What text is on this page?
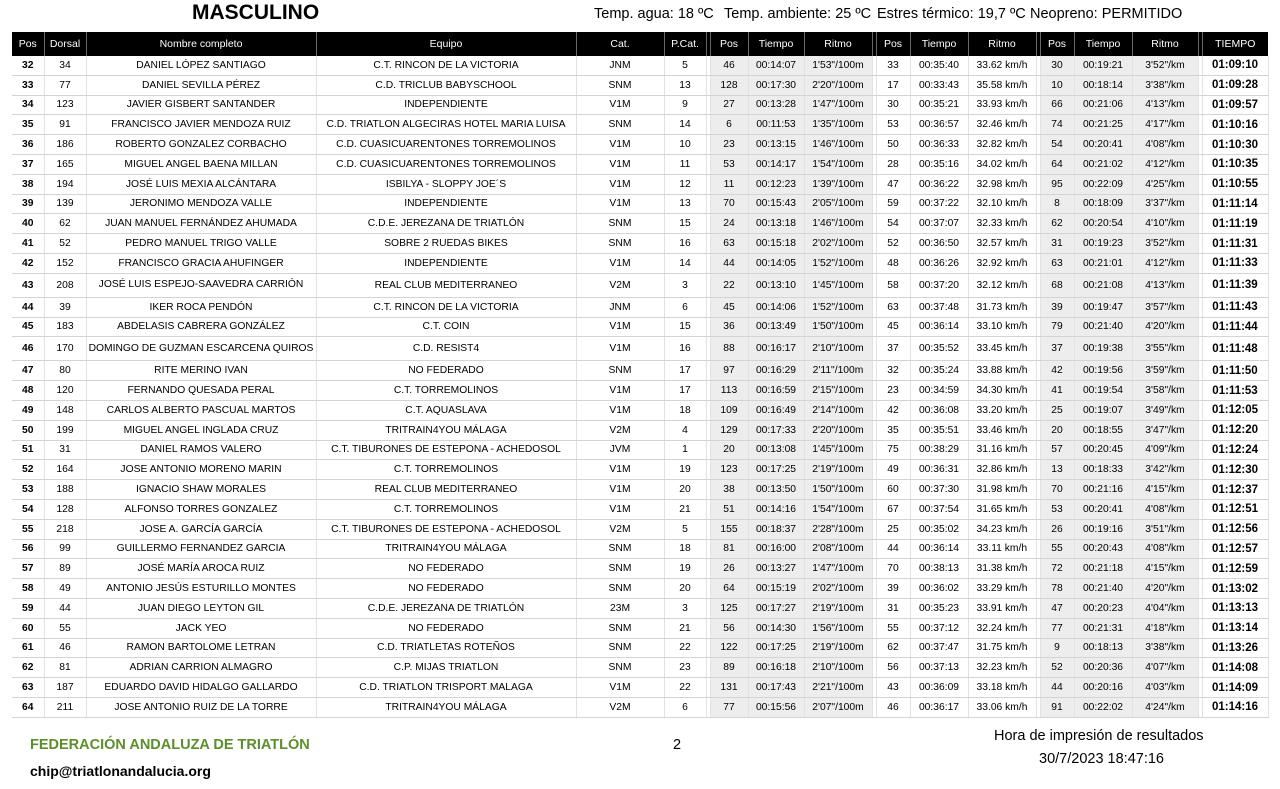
MASCULINO	Temp. agua: 18 ºC Temp. ambiente: 25 ºC Estres térmico: 19,7 ºC Neopreno: PERMITIDO
Pos	Dorsal	Nombre completo	Equipo	Cat.	P.Cat.		Pos	Tiempo	Ritmo		Pos	Tiempo	Ritmo		Pos	Tiempo	Ritmo		TIEMPO
32	34	DANIEL LÓPEZ SANTIAGO	C.T. RINCON DE LA VICTORIA	JNM	5		46	00:14:07	1'53"/100m		33	00:35:40	33.62 km/h		30	00:19:21	3'52"/km		01:09:10
33	77	DANIEL SEVILLA PÉREZ	C.D. TRICLUB BABYSCHOOL	SNM	13		128	00:17:30	2'20"/100m		17	00:33:43	35.58 km/h		10	00:18:14	3'38"/km		01:09:28
34	123	JAVIER GISBERT SANTANDER	INDEPENDIENTE	V1M	9		27	00:13:28	1'47"/100m		30	00:35:21	33.93 km/h		66	00:21:06	4'13"/km		01:09:57
35	91	FRANCISCO JAVIER MENDOZA RUIZ	C.D. TRIATLON ALGECIRAS HOTEL MARIA LUISA	SNM	14		6	00:11:53	1'35"/100m		53	00:36:57	32.46 km/h		74	00:21:25	4'17"/km		01:10:16
36	186	ROBERTO GONZALEZ CORBACHO	C.D. CUASICUARENTONES TORREMOLINOS	V1M	10		23	00:13:15	1'46"/100m		50	00:36:33	32.82 km/h		54	00:20:41	4'08"/km		01:10:30
37	165	MIGUEL ANGEL BAENA MILLAN	C.D. CUASICUARENTONES TORREMOLINOS	V1M	11		53	00:14:17	1'54"/100m		28	00:35:16	34.02 km/h		64	00:21:02	4'12"/km		01:10:35
38	194	JOSÉ LUIS MEXIA ALCÁNTARA	ISBILYA - SLOPPY JOE´S	V1M	12		11	00:12:23	1'39"/100m		47	00:36:22	32.98 km/h		95	00:22:09	4'25"/km		01:10:55
39	139	JERONIMO MENDOZA VALLE	INDEPENDIENTE	V1M	13		70	00:15:43	2'05"/100m		59	00:37:22	32.10 km/h		8	00:18:09	3'37"/km		01:11:14
40	62	JUAN MANUEL FERNÁNDEZ AHUMADA	C.D.E. JEREZANA DE TRIATLÓN	SNM	15		24	00:13:18	1'46"/100m		54	00:37:07	32.33 km/h		62	00:20:54	4'10"/km		01:11:19
41	52	PEDRO MANUEL TRIGO VALLE	SOBRE 2 RUEDAS BIKES	SNM	16		63	00:15:18	2'02"/100m		52	00:36:50	32.57 km/h		31	00:19:23	3'52"/km		01:11:31
42	152	FRANCISCO GRACIA AHUFINGER	INDEPENDIENTE	V1M	14		44	00:14:05	1'52"/100m		48	00:36:26	32.92 km/h		63	00:21:01	4'12"/km		01:11:33
43	208	JOSÉ LUIS ESPEJO-SAAVEDRA CARRIÓN	REAL CLUB MEDITERRANEO	V2M	3		22	00:13:10	1'45"/100m		58	00:37:20	32.12 km/h		68	00:21:08	4'13"/km		01:11:39
44	39	IKER ROCA PENDÓN	C.T. RINCON DE LA VICTORIA	JNM	6		45	00:14:06	1'52"/100m		63	00:37:48	31.73 km/h		39	00:19:47	3'57"/km		01:11:43
45	183	ABDELASIS CABRERA GONZÁLEZ	C.T. COIN	V1M	15		36	00:13:49	1'50"/100m		45	00:36:14	33.10 km/h		79	00:21:40	4'20"/km		01:11:44
46	170	DOMINGO DE GUZMAN ESCARCENA QUIROS	C.D. RESIST4	V1M	16		88	00:16:17	2'10"/100m		37	00:35:52	33.45 km/h		37	00:19:38	3'55"/km		01:11:48
47	80	RITE MERINO IVAN	NO FEDERADO	SNM	17		97	00:16:29	2'11"/100m		32	00:35:24	33.88 km/h		42	00:19:56	3'59"/km		01:11:50
48	120	FERNANDO QUESADA PERAL	C.T. TORREMOLINOS	V1M	17		113	00:16:59	2'15"/100m		23	00:34:59	34.30 km/h		41	00:19:54	3'58"/km		01:11:53
49	148	CARLOS ALBERTO PASCUAL MARTOS	C.T. AQUASLAVA	V1M	18		109	00:16:49	2'14"/100m		42	00:36:08	33.20 km/h		25	00:19:07	3'49"/km		01:12:05
50	199	MIGUEL ANGEL INGLADA CRUZ	TRITRAIN4YOU MÁLAGA	V2M	4		129	00:17:33	2'20"/100m		35	00:35:51	33.46 km/h		20	00:18:55	3'47"/km		01:12:20
51	31	DANIEL RAMOS VALERO	C.T. TIBURONES DE ESTEPONA - ACHEDOSOL	JVM	1		20	00:13:08	1'45"/100m		75	00:38:29	31.16 km/h		57	00:20:45	4'09"/km		01:12:24
52	164	JOSE ANTONIO MORENO MARIN	C.T. TORREMOLINOS	V1M	19		123	00:17:25	2'19"/100m		49	00:36:31	32.86 km/h		13	00:18:33	3'42"/km		01:12:30
53	188	IGNACIO SHAW MORALES	REAL CLUB MEDITERRANEO	V1M	20		38	00:13:50	1'50"/100m		60	00:37:30	31.98 km/h		70	00:21:16	4'15"/km		01:12:37
54	128	ALFONSO TORRES GONZALEZ	C.T. TORREMOLINOS	V1M	21		51	00:14:16	1'54"/100m		67	00:37:54	31.65 km/h		53	00:20:41	4'08"/km		01:12:51
55	218	JOSE A. GARCÍA GARCÍA	C.T. TIBURONES DE ESTEPONA - ACHEDOSOL	V2M	5		155	00:18:37	2'28"/100m		25	00:35:02	34.23 km/h		26	00:19:16	3'51"/km		01:12:56
56	99	GUILLERMO FERNANDEZ GARCIA	TRITRAIN4YOU MÁLAGA	SNM	18		81	00:16:00	2'08"/100m		44	00:36:14	33.11 km/h		55	00:20:43	4'08"/km		01:12:57
57	89	JOSÉ MARÍA AROCA RUIZ	NO FEDERADO	SNM	19		26	00:13:27	1'47"/100m		70	00:38:13	31.38 km/h		72	00:21:18	4'15"/km		01:12:59
58	49	ANTONIO JESÚS ESTURILLO MONTES	NO FEDERADO	SNM	20		64	00:15:19	2'02"/100m		39	00:36:02	33.29 km/h		78	00:21:40	4'20"/km		01:13:02
59	44	JUAN DIEGO LEYTON GIL	C.D.E. JEREZANA DE TRIATLÓN	23M	3		125	00:17:27	2'19"/100m		31	00:35:23	33.91 km/h		47	00:20:23	4'04"/km		01:13:13
60	55	JACK YEO	NO FEDERADO	SNM	21		56	00:14:30	1'56"/100m		55	00:37:12	32.24 km/h		77	00:21:31	4'18"/km		01:13:14
61	46	RAMON BARTOLOME LETRAN	C.D. TRIATLETAS ROTEÑOS	SNM	22		122	00:17:25	2'19"/100m		62	00:37:47	31.75 km/h		9	00:18:13	3'38"/km		01:13:26
62	81	ADRIAN CARRION ALMAGRO	C.P. MIJAS TRIATLON	SNM	23		89	00:16:18	2'10"/100m		56	00:37:13	32.23 km/h		52	00:20:36	4'07"/km		01:14:08
63	187	EDUARDO DAVID HIDALGO GALLARDO	C.D. TRIATLON TRISPORT MALAGA	V1M	22		131	00:17:43	2'21"/100m		43	00:36:09	33.18 km/h		44	00:20:16	4'03"/km		01:14:09
64	211	JOSE ANTONIO RUIZ DE LA TORRE	TRITRAIN4YOU MÁLAGA	V2M	6		77	00:15:56	2'07"/100m		46	00:36:17	33.06 km/h		91	00:22:02	4'24"/km		01:14:16
FEDERACIÓN ANDALUZA DE TRIATLÓN
chip@triatlonandalucia.org
2
Hora de impresión de resultados
30/7/2023 18:47:16
